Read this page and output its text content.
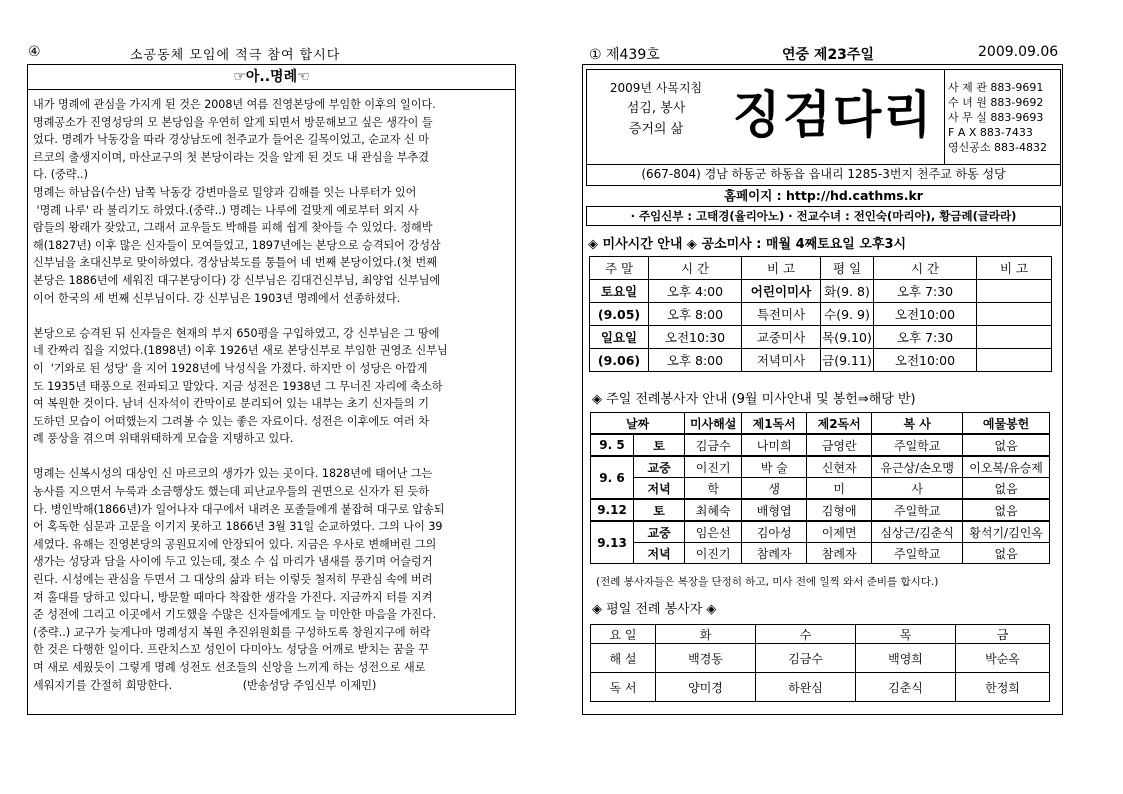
④	소공동체 모임에 적극 참여 합시다
☞아..명례☜

내가 명례에 관심을 가지게 된 것은 2008년 여름 진영본당에 부임한 이후의 일이다.

명례공소가 진영성당의 모 본당임을 우연히 알게 되면서 방문해보고 싶은 생각이 들

었다. 명례가 낙동강을 따라 경상남도에 천주교가 들어온 길목이었고, 순교자 신 마

르코의 출생지이며, 마산교구의 첫 본당이라는 것을 알게 된 것도 내 관심을 부추겼

다. (중략..)

명례는 하남읍(수산) 남쪽 낙동강 강변마을로 밀양과 김해를 잇는 나루터가 있어

'명례 나루' 라 불리기도 하였다.(중략..) 명례는 나루에 걸맞게 예로부터 외지 사

람들의 왕래가 잦았고, 그래서 교우들도 박해를 피해 쉽게 찾아들 수 있었다. 정해박

해(1827년) 이후 많은 신자들이 모여들었고, 1897년에는 본당으로 승격되어 강성삼

신부님을 초대신부로 맞이하였다. 경상남북도를 통틀어 네 번째 본당이었다.(첫 번째

본당은 1886년에 세워진 대구본당이다) 강 신부님은 김대건신부님, 최양업 신부님에

이어 한국의 세 번째 신부님이다. 강 신부님은 1903년 명례에서 선종하셨다.

본당으로 승격된 뒤 신자들은 현재의 부지 650평을 구입하였고, 강 신부님은 그 땅에

네 칸짜리 집을 지었다.(1898년) 이후 1926년 새로 본당신부로 부임한 권영조 신부님

이  '기와로 된 성당' 을 지어 1928년에 낙성식을 가졌다. 하지만 이 성당은 아깝게

도 1935년 태풍으로 전파되고 말았다. 지금 성전은 1938년 그 무너진 자리에 축소하

여 복원한 것이다. 남녀 신자석이 칸막이로 분리되어 있는 내부는 초기 신자들의 기

도하던 모습이 어떠했는지 그려볼 수 있는 좋은 자료이다. 성전은 이후에도 여러 차

례 풍상을 겪으며 위태위태하게 모습을 지탱하고 있다.

명례는 신복시성의 대상인 신 마르코의 생가가 있는 곳이다. 1828년에 태어난 그는

농사를 지으면서 누룩과 소금행상도 했는데 피난교우들의 권면으로 신자가 된 듯하

다. 병인박해(1866년)가 일어나자 대구에서 내려온 포졸들에게 붙잡혀 대구로 압송되

어 혹독한 심문과 고문을 이기지 못하고 1866년 3월 31일 순교하였다. 그의 나이 39

세였다. 유해는 진영본당의 공원묘지에 안장되어 있다. 지금은 우사로 변해버린 그의

생가는 성당과 담을 사이에 두고 있는데, 젖소 수 십 마리가 냄새를 풍기며 어슬렁거

린다. 시성에는 관심을 두면서 그 대상의 삶과 터는 이렇듯 철저히 무관심 속에 버려

져 홀대를 당하고 있다니, 방문할 때마다 착잡한 생각을 가진다. 지금까지 터를 지켜

준 성전에 그리고 이곳에서 기도했을 수많은 신자들에게도 늘 미안한 마음을 가진다.

(중략..) 교구가 늦게나마 명례성지 복원 추진위원회를 구성하도록 창원지구에 허락

한 것은 다행한 일이다. 프란치스꼬 성인이 다미아노 성당을 어깨로 받치는 꿈을 꾸

며 새로 세웠듯이 그렇게 명례 성전도 선조들의 신앙을 느끼게 하는 성전으로 새로

세워지기를 간절히 희망한다.                    (반송성당 주임신부 이제민)

① 제439호	연중 제23주일	2009.09.06
2009년 사목지침
섬김, 봉사
증거의 삶 징검다리	사 제 관 883-9691
수 녀 원 883-9692
사 무 실 883-9693
F A X 883-7433
영신공소 883-4832
(667-804) 경남 하동군 하동읍 읍내리 1285-3번지 천주교 하동 성당
홈페이지 : http://hd.cathms.kr
· 주임신부 : 고태경(율리아노) · 전교수녀 : 전인숙(마리아), 황금례(글라라)
◈ 미사시간 안내 ◈ 공소미사 : 매월 4째토요일 오후3시
주 말	시 간	비 고	평 일	시 간	비 고
토요일	오후 4:00	어린이미사	화(9. 8)	오후 7:30	
(9.05)	오후 8:00	특전미사	수(9. 9)	오전10:00	
일요일	오전10:30	교중미사	목(9.10)	오후 7:30	
(9.06)	오후 8:00	저녁미사	금(9.11)	오전10:00	
◈ 주일 전례봉사자 안내 (9월 미사안내 및 봉헌⇒해당 반)
날짜		미사해설	제1독서	제2독서	복 사	예물봉헌
9. 5	토	김금수	나미희	금영란	주일학교	없음
9. 6	교중	이진기	박 술	신현자	유근상/손오맹	이오복/유승제
	저녁	학	생	미	사	없음
9.12	토	최혜숙	배형엽	김형애	주일학교	없음
9.13	교중	임은선	김아성	이제면	심상근/김춘식	황석기/김인옥
	저녁	이진기	참례자	참례자	주일학교	없음
(전례 봉사자들은 복장을 단정히 하고, 미사 전에 일찍 와서 준비를 합시다.)
◈ 평일 전례 봉사자 ◈
요 일	화	수	목	금
해 설	백경동	김금수	백영희	박순옥
독 서	양미경	하완심	김춘식	한정희
